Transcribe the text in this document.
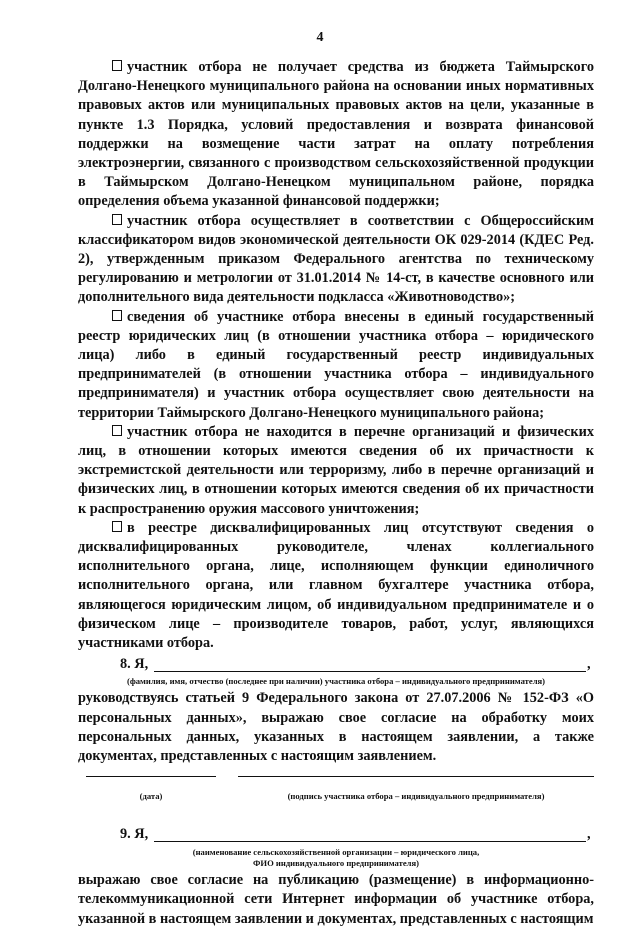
4

участник отбора не получает средства из бюджета Таймырского Долгано-Ненецкого муниципального района на основании иных нормативных правовых актов или муниципальных правовых актов на цели, указанные в пункте 1.3 Порядка, условий предоставления и возврата финансовой поддержки на возмещение части затрат на оплату потребления электроэнергии, связанного с производством сельскохозяйственной продукции в Таймырском Долгано-Ненецком муниципальном районе, порядка определения объема указанной финансовой поддержки;

участник отбора осуществляет в соответствии с Общероссийским классификатором видов экономической деятельности ОК 029-2014 (КДЕС Ред. 2), утвержденным приказом Федерального агентства по техническому регулированию и метрологии от 31.01.2014 № 14-ст, в качестве основного или дополнительного вида деятельности подкласса «Животноводство»;

сведения об участнике отбора внесены в единый государственный реестр юридических лиц (в отношении участника отбора – юридического лица) либо в единый государственный реестр индивидуальных предпринимателей (в отношении участника отбора – индивидуального предпринимателя) и участник отбора осуществляет свою деятельности на территории Таймырского Долгано-Ненецкого муниципального района;

участник отбора не находится в перечне организаций и физических лиц, в отношении которых имеются сведения об их причастности к экстремистской деятельности или терроризму, либо в перечне организаций и физических лиц, в отношении которых имеются сведения об их причастности к распространению оружия массового уничтожения;

в реестре дисквалифицированных лиц отсутствуют сведения о дисквалифицированных руководителе, членах коллегиального исполнительного органа, лице, исполняющем функции единоличного исполнительного органа, или главном бухгалтере участника отбора, являющегося юридическим лицом, об индивидуальном предпринимателе и о физическом лице – производителе товаров, работ, услуг, являющихся участниками отбора.

8. Я,	,

(фамилия, имя, отчество (последнее при наличии) участника отбора – индивидуального предпринимателя)

руководствуясь статьей 9 Федерального закона от 27.07.2006 № 152-ФЗ «О персональных данных», выражаю свое согласие на обработку моих персональных данных, указанных в настоящем заявлении, а также документах, представленных с настоящим заявлением.

(дата)	(подпись участника отбора – индивидуального предпринимателя)
9. Я,	,

(наименование сельскохозяйственной организации – юридического лица,

ФИО индивидуального предпринимателя)

выражаю свое согласие на публикацию (размещение) в информационно-телекоммуникационной сети Интернет информации об участнике отбора, указанной в настоящем заявлении и документах, представленных с настоящим
